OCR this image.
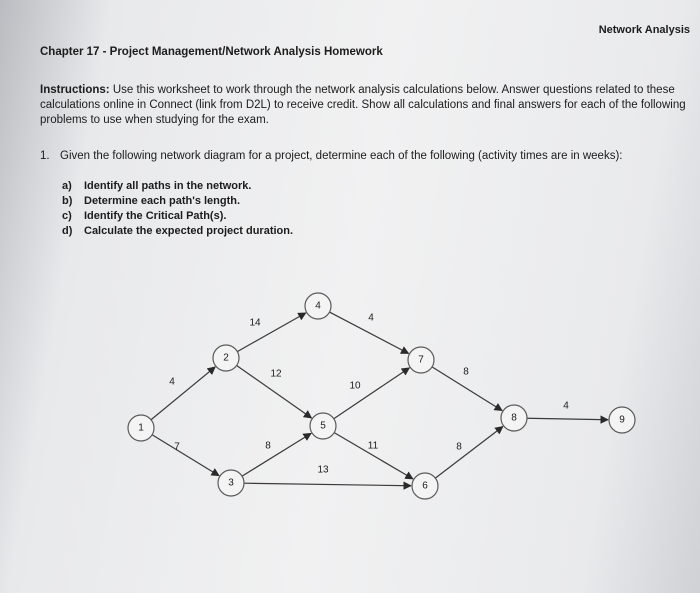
Network Analysis
Chapter 17 - Project Management/Network Analysis Homework
Instructions: Use this worksheet to work through the network analysis calculations below. Answer questions related to these calculations online in Connect (link from D2L) to receive credit. Show all calculations and final answers for each of the following problems to use when studying for the exam.
1. Given the following network diagram for a project, determine each of the following (activity times are in weeks):
a) Identify all paths in the network.
b) Determine each path's length.
c) Identify the Critical Path(s).
d) Calculate the expected project duration.
4
7
14
12
8
13
4
10
11
8
8
4
1
2
3
4
5
6
7
8	9
